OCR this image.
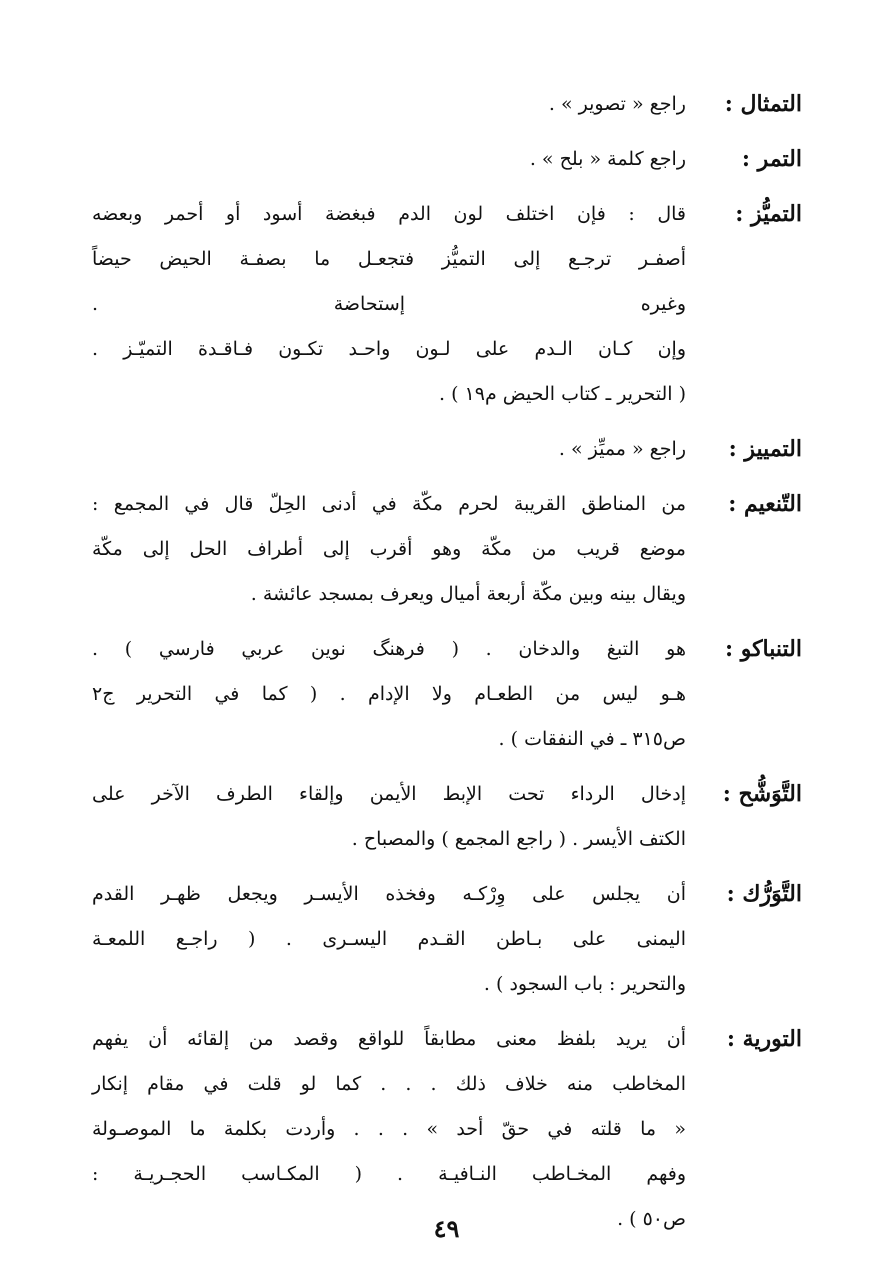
التمثال :
راجع « تصوير » .
التمر :
راجع كلمة « بلح » .
التميُّز :
قال : فإن اختلف لون الدم فبغضة أسود أو أحمر وبعضه
أصفـر ترجـع إلى التميُّز فتجعـل ما بصفـة الحيض حيضاً
وغيره إستحاضة .
وإن كـان الـدم على لـون واحـد تكـون فـاقـدة التميّـز .
( التحرير ـ كتاب الحيض م١٩ ) .
التمييز :
راجع « مميِّز » .
التّنعيم :
من المناطق القريبة لحرم مكّة في أدنى الحِلّ قال في المجمع :
موضع قريب من مكّة وهو أقرب إلى أطراف الحل إلى مكّة
ويقال بينه وبين مكّة أربعة أميال ويعرف بمسجد عائشة .
التنباكو :
هو التبغ والدخان . ( فرهنگ نوين عربي فارسي ) .
هـو ليس من الطعـام ولا الإدام . ( كما في التحرير ج٢
ص٣١٥ ـ في النفقات ) .
التَّوَشُّح :
إدخال الرداء تحت الإبط الأيمن وإلقاء الطرف الآخر على
الكتف الأيسر . ( راجع المجمع ) والمصباح .
التَّوَرُّك :
أن يجلس على وِرْكـه وفخذه الأيسـر ويجعل ظهـر القدم
اليمنى على بـاطن القـدم اليسـرى . ( راجـع اللمعـة
والتحرير : باب السجود ) .
التورية :
أن يريد بلفظ معنى مطابقاً للواقع وقصد من إلقائه أن يفهم
المخاطب منه خلاف ذلك . . . كما لو قلت في مقام إنكار
« ما قلته في حقّ أحد » . . . وأردت بكلمة ما الموصـولة
وفهم المخـاطب النـافيـة . ( المكـاسب الحجـريـة :
ص٥٠ ) .
٤٩
